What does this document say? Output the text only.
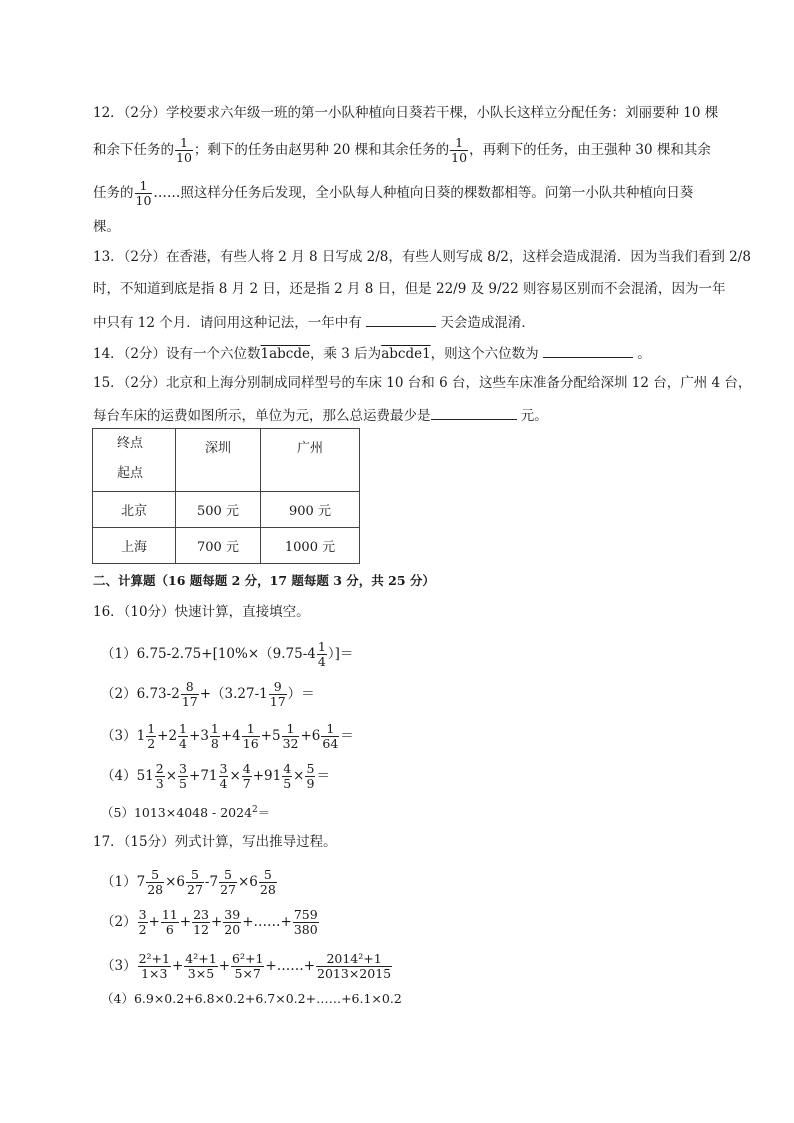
12．（2分）学校要求六年级一班的第一小队种植向日葵若干棵，小队长这样立分配任务：刘丽要种 10 棵
和余下任务的 $\frac{1}{10}$ ；剩下的任务由赵男种 20 棵和其余任务的 $\frac{1}{10}$ ，再剩下的任务，由王强种 30 棵和其余
任务的 $\frac{1}{10}$ ……照这样分任务后发现，全小队每人种植向日葵的棵数都相等。问第一小队共种植向日葵
棵。
13．（2分）在香港，有些人将 2 月 8 日写成 2/8，有些人则写成 8/2，这样会造成混淆．因为当我们看到 2/8
时，不知道到底是指 8 月 2 日，还是指 2 月 8 日，但是 22/9 及 9/22 则容易区别而不会混淆，因为一年
中只有 12 个月．请问用这种记法，一年中有	天会造成混淆．
14．（2分）设有一个六位数1abcde，乘 3 后为abcde1，则这个六位数为	。
15．（2分）北京和上海分别制成同样型号的车床 10 台和 6 台，这些车床准备分配给深圳 12 台，广州 4 台，
每台车床的运费如图所示，单位为元，那么总运费最少是	元。
终点
起点	深圳	广州
北京	500 元	900 元
上海	700 元	1000 元
二、计算题（16 题每题 2 分，17 题每题 3 分，共 25 分）
16．（10分）快速计算，直接填空。
$(1)6.75-2.75+[10\%\times(9.75-4 \frac{1}{4}$ ）]＝
$(2)6.73-2 \frac{8}{17} +(3.27-1 \frac{9}{17}$ ）＝
$(3)1 \frac{1}{2} +2 \frac{1}{4} +3 \frac{1}{8} +4 \frac{1}{16} +5 \frac{1}{32} +6 \frac{1}{64}$ ＝
$(4)51 \frac{2}{3} \times \frac{3}{5} +71 \frac{3}{4} \times \frac{4}{7} +91 \frac{4}{5} \times \frac{5}{9}$ ＝
$(5)1013\times 4048 - 2024^2=$
17．（15分）列式计算，写出推导过程。
$(1)7 \frac{5}{28} \times 6 \frac{5}{27} -7 \frac{5}{27} \times 6 \frac{5}{28}$
$(2) \frac{3}{2} + \frac{11}{6} + \frac{23}{12} + \frac{39}{20}$ +……+ $\frac{759}{380}$
$(3) \frac{\text{2²+1}}{1\times 3} + \frac{\text{4²+1}}{3\times 5} + \frac{\text{6²+1}}{5\times 7}$ +……+ $\frac{\text{2014²+1}}{2013\times 2015}$
（4）6.9×0.2+6.8×0.2+6.7×0.2+……+6.1×0.2
